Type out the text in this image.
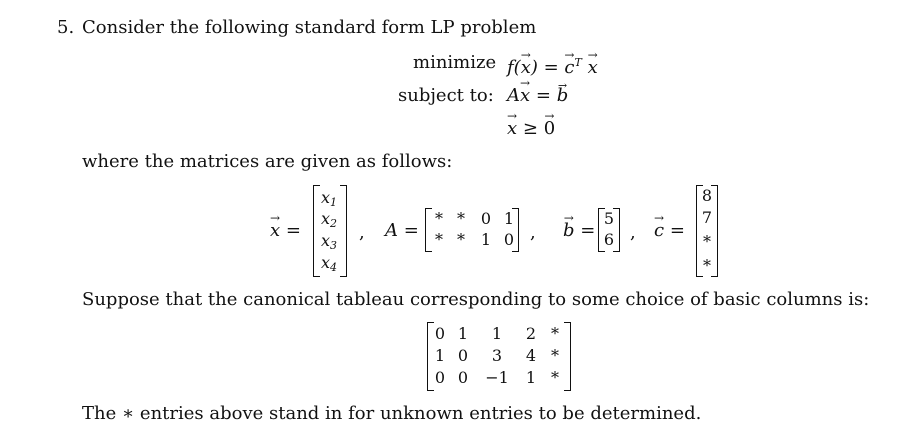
5. Consider the following standard form LP problem
minimize f(→ x) = → $c^T \to x$
subject to: A→ x = → b
→ x ≥ → 0
where the matrices are given as follows:
→ x =
$x_1$
$x_2$
$x_3$
$x_4$
, A =
* * 0 1
* * 1 0 , → b =
5
6 , → c =
8
7
*
*
Suppose that the canonical tableau corresponding to some choice of basic columns is:
0 1	1	2 *
1 0	3	4 *
0 0	−1	1 *
The ∗ entries above stand in for unknown entries to be determined.
